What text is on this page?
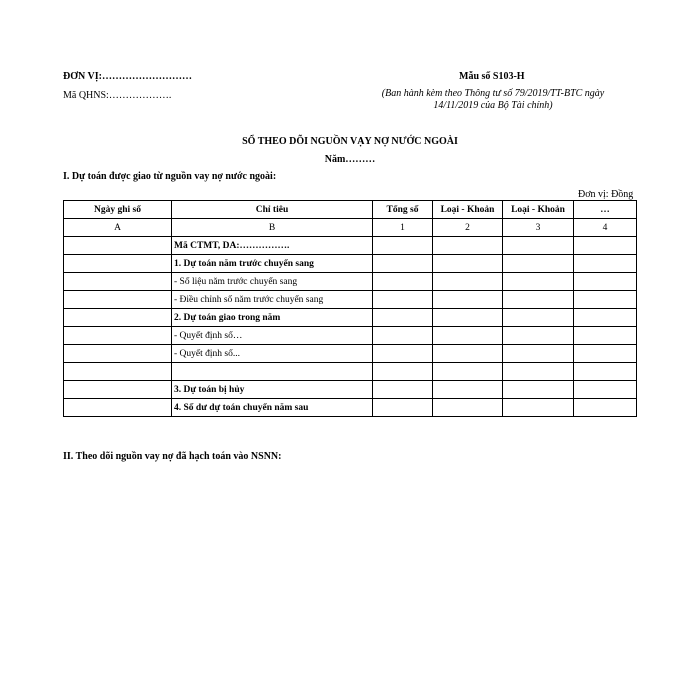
ĐƠN VỊ:………………………
Mã QHNS:……………….
Mẫu số S103-H
(Ban hành kèm theo Thông tư số 79/2019/TT-BTC ngày 14/11/2019 của Bộ Tài chính)
SỔ THEO DÕI NGUỒN VẠY NỢ NƯỚC NGOÀI
Năm………
I. Dự toán được giao từ nguồn vay nợ nước ngoài:
Đơn vị: Đồng
Ngày ghi sổ	Chỉ tiêu	Tổng số	Loại - Khoản	Loại - Khoản	…
A	B	1	2	3	4
	Mã CTMT, DA:…………….				
	1. Dự toán năm trước chuyển sang				
	- Số liệu năm trước chuyển sang				
	- Điều chỉnh số năm trước chuyển sang				
	2. Dự toán giao trong năm				
	- Quyết định số…				
	- Quyết định số...				

	3. Dự toán bị hủy				
	4. Số dư dự toán chuyển năm sau				
II. Theo dõi nguồn vay nợ đã hạch toán vào NSNN:
